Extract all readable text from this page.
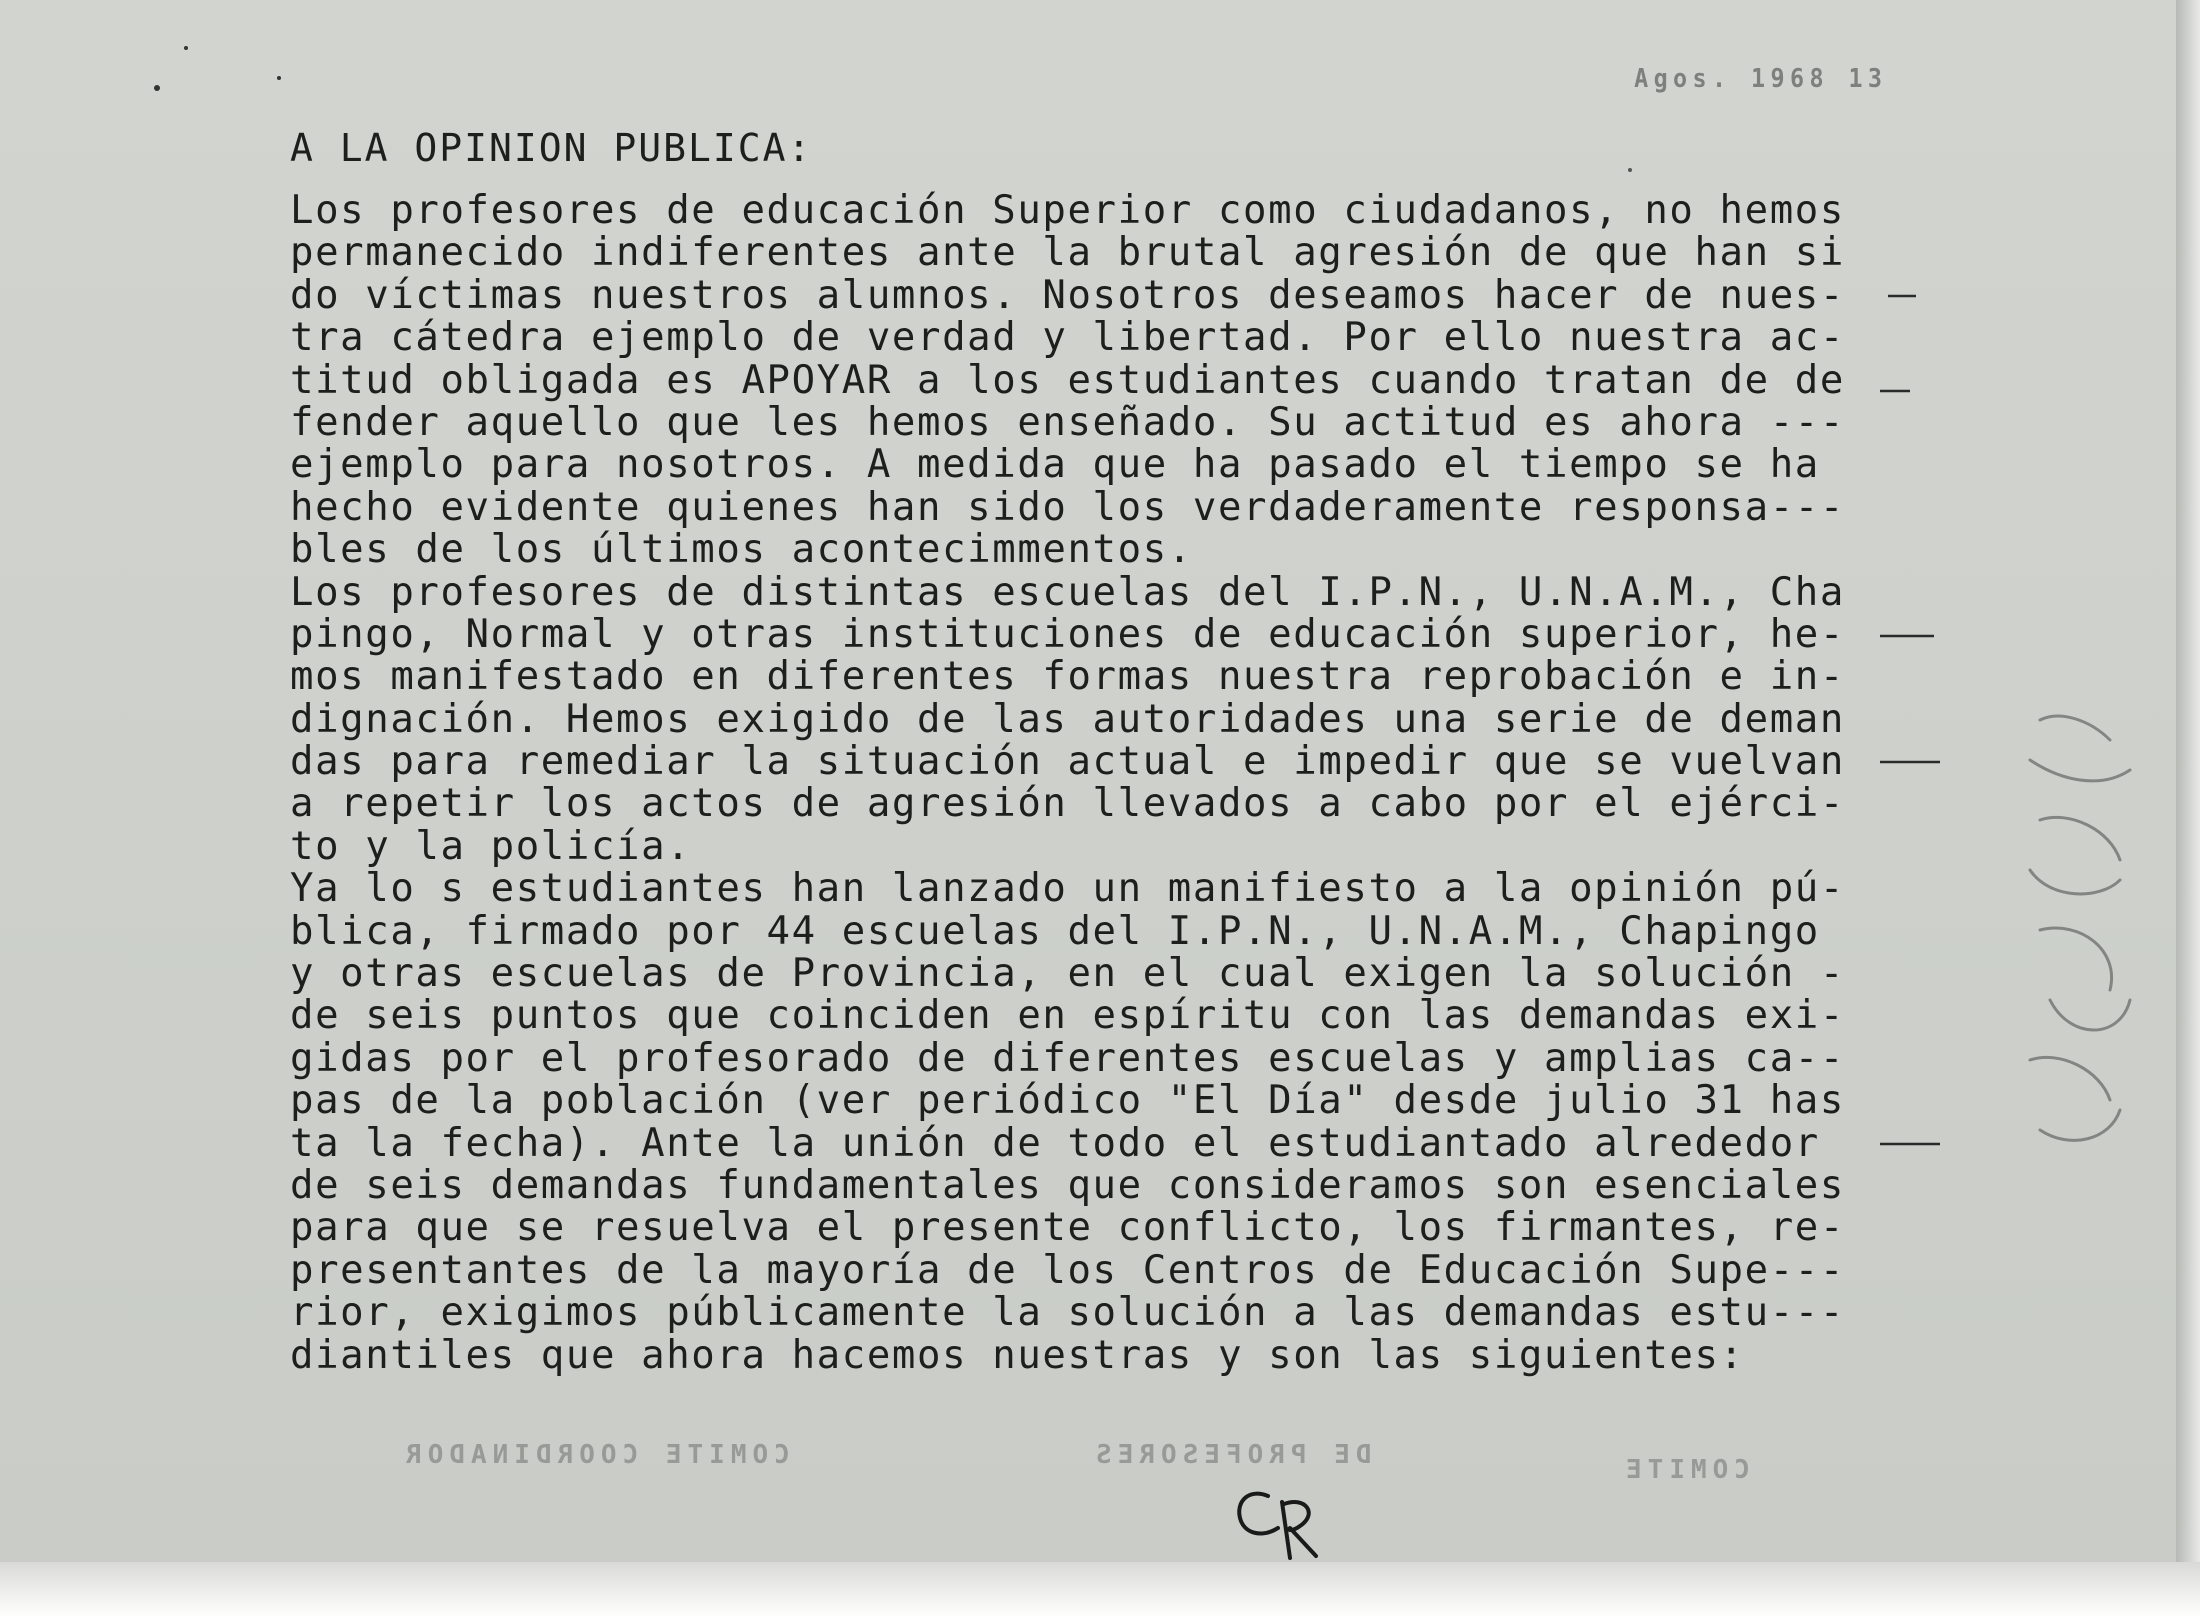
Agos. 1968 13
A LA OPINION PUBLICA:
Los profesores de educación Superior como ciudadanos, no hemos
permanecido indiferentes ante la brutal agresión de que han si
do víctimas nuestros alumnos. Nosotros deseamos hacer de nues-
tra cátedra ejemplo de verdad y libertad. Por ello nuestra ac-
titud obligada es APOYAR a los estudiantes cuando tratan de de
fender aquello que les hemos enseñado. Su actitud es ahora ---
ejemplo para nosotros. A medida que ha pasado el tiempo se ha
hecho evidente quienes han sido los verdaderamente responsa---
bles de los últimos acontecimmentos.
Los profesores de distintas escuelas del I.P.N., U.N.A.M., Cha
pingo, Normal y otras instituciones de educación superior, he-
mos manifestado en diferentes formas nuestra reprobación e in-
dignación. Hemos exigido de las autoridades una serie de deman
das para remediar la situación actual e impedir que se vuelvan
a repetir los actos de agresión llevados a cabo por el ejérci-
to y la policía.
Ya lo s estudiantes han lanzado un manifiesto a la opinión pú-
blica, firmado por 44 escuelas del I.P.N., U.N.A.M., Chapingo
y otras escuelas de Provincia, en el cual exigen la solución -
de seis puntos que coinciden en espíritu con las demandas exi-
gidas por el profesorado de diferentes escuelas y amplias ca--
pas de la población (ver periódico "El Día" desde julio 31 has
ta la fecha). Ante la unión de todo el estudiantado alrededor
de seis demandas fundamentales que consideramos son esenciales
para que se resuelva el presente conflicto, los firmantes, re-
presentantes de la mayoría de los Centros de Educación Supe---
rior, exigimos públicamente la solución a las demandas estu---
diantiles que ahora hacemos nuestras y son las siguientes:
COMITE COORDINADOR	DE PROFESORES	COMITE
